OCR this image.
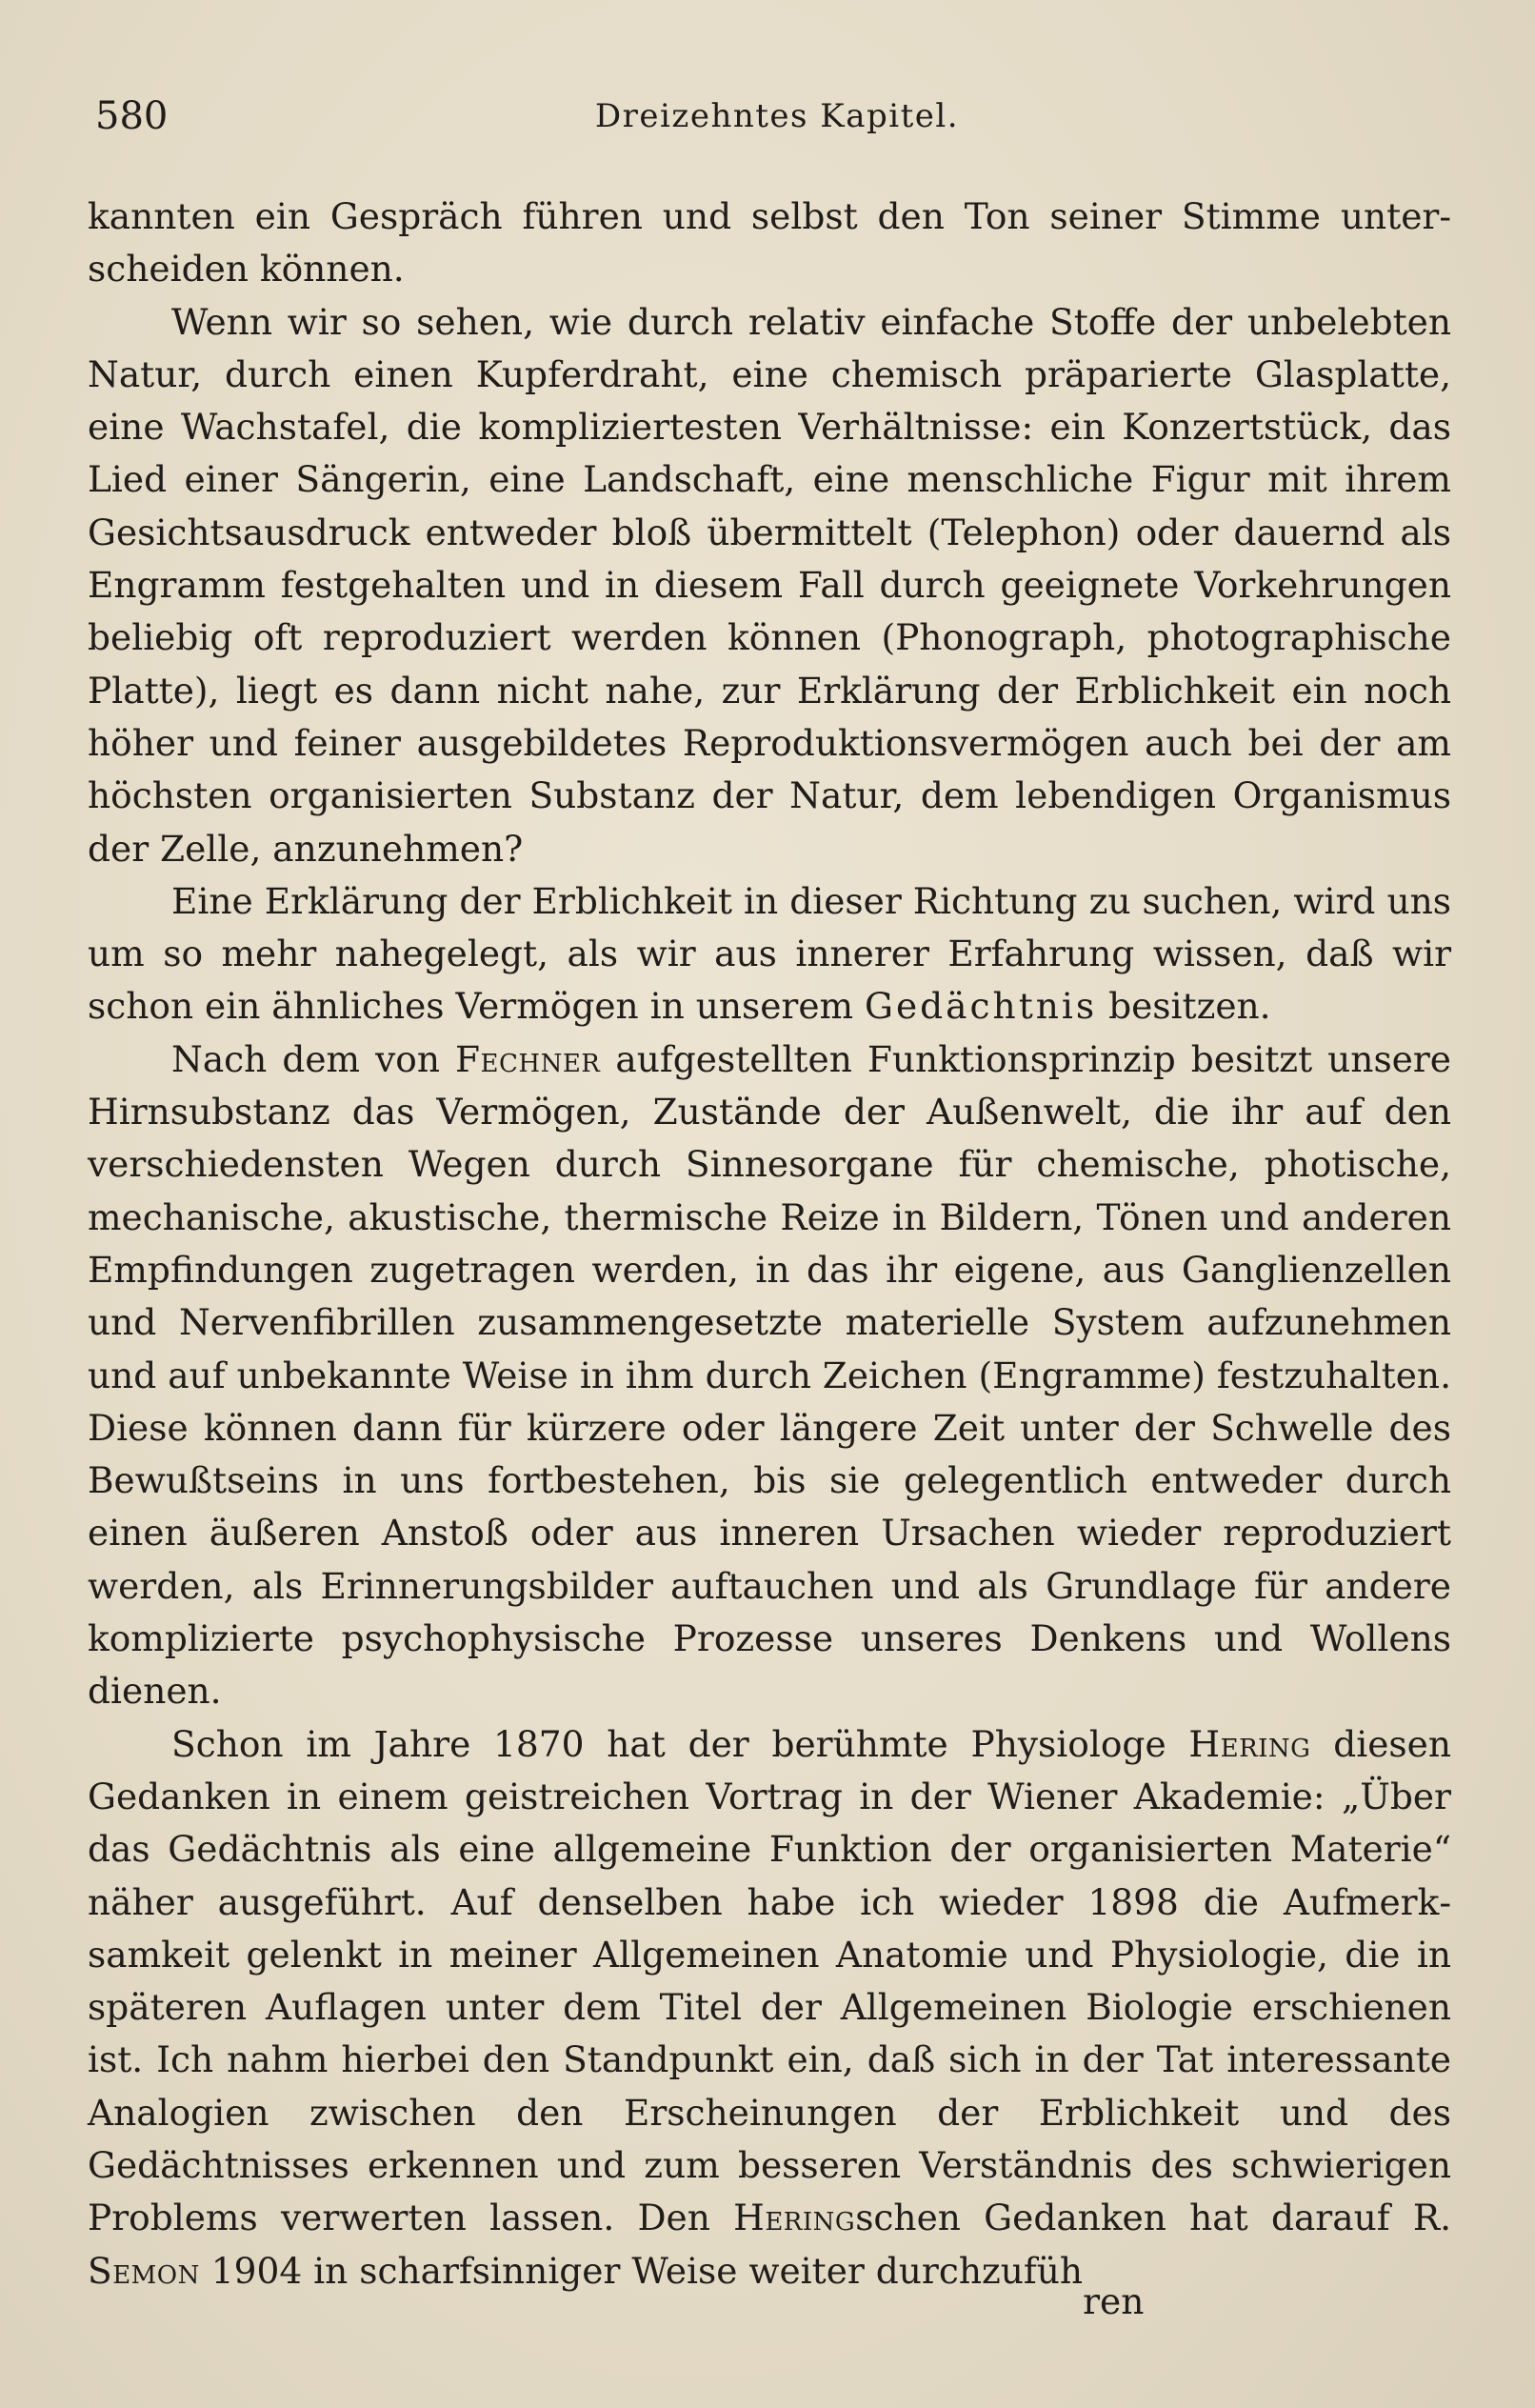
580	Dreizehntes Kapitel.

kannten ein Gespräch führen und selbst den Ton seiner Stimme unterscheiden können.

Wenn wir so sehen, wie durch relativ einfache Stoffe der unbelebten Natur, durch einen Kupferdraht, eine chemisch präparierte Glasplatte, eine Wachstafel, die kompliziertesten Verhältnisse: ein Konzertstück, das Lied einer Sängerin, eine Landschaft, eine menschliche Figur mit ihrem Gesichtsausdruck entweder bloß übermittelt (Telephon) oder dauernd als Engramm festgehalten und in diesem Fall durch geeignete Vorkehrungen beliebig oft reproduziert werden können (Phonograph, photographische Platte), liegt es dann nicht nahe, zur Erklärung der Erblichkeit ein noch höher und feiner ausgebildetes Reproduktionsvermögen auch bei der am höchsten organisierten Substanz der Natur, dem lebendigen Organismus der Zelle, anzunehmen?

Eine Erklärung der Erblichkeit in dieser Richtung zu suchen, wird uns um so mehr nahegelegt, als wir aus innerer Erfahrung wissen, daß wir schon ein ähnliches Vermögen in unserem Gedächtnis besitzen.

Nach dem von Fechner aufgestellten Funktionsprinzip besitzt unsere Hirnsubstanz das Vermögen, Zustände der Außenwelt, die ihr auf den verschiedensten Wegen durch Sinnesorgane für chemische, photische, mechanische, akustische, thermische Reize in Bildern, Tönen und anderen Empfindungen zugetragen werden, in das ihr eigene, aus Ganglienzellen und Nervenfibrillen zusammengesetzte materielle System aufzunehmen und auf unbekannte Weise in ihm durch Zeichen (Engramme) festzuhalten. Diese können dann für kürzere oder längere Zeit unter der Schwelle des Bewußtseins in uns fortbestehen, bis sie gelegentlich entweder durch einen äußeren Anstoß oder aus inneren Ursachen wieder reproduziert werden, als Erinnerungsbilder auftauchen und als Grundlage für andere komplizierte psychophysische Prozesse unseres Denkens und Wollens dienen.

Schon im Jahre 1870 hat der berühmte Physiologe Hering diesen Gedanken in einem geistreichen Vortrag in der Wiener Akademie: „Über das Gedächtnis als eine allgemeine Funktion der organisierten Materie“ näher ausgeführt. Auf denselben habe ich wieder 1898 die Aufmerksamkeit gelenkt in meiner Allgemeinen Anatomie und Physiologie, die in späteren Auflagen unter dem Titel der Allgemeinen Biologie erschienen ist. Ich nahm hierbei den Standpunkt ein, daß sich in der Tat interessante Analogien zwischen den Erscheinungen der Erblichkeit und des Gedächtnisses erkennen und zum besseren Verständnis des schwierigen Problems verwerten lassen. Den Heringschen Gedanken hat darauf R. Semon 1904 in scharfsinniger Weise weiter durchzuführen
